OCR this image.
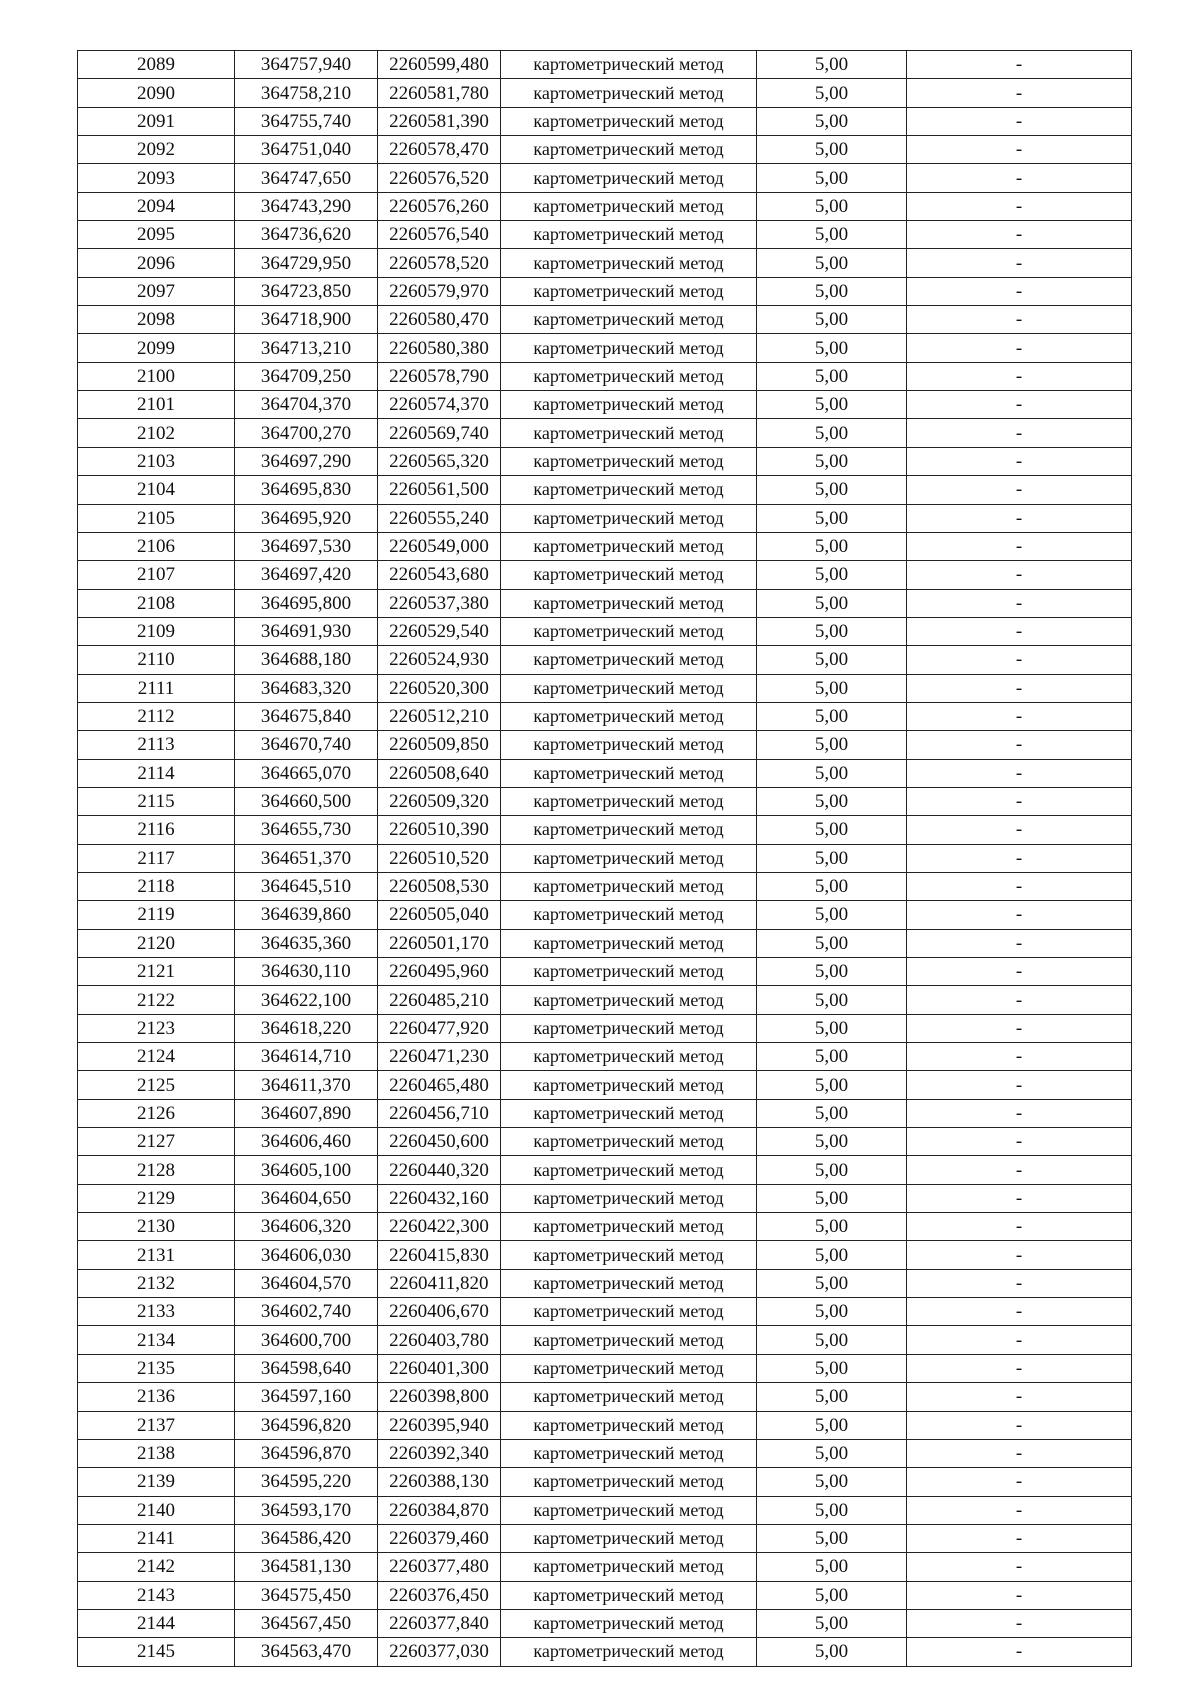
2089	364757,940	2260599,480	картометрический метод	5,00	-
2090	364758,210	2260581,780	картометрический метод	5,00	-
2091	364755,740	2260581,390	картометрический метод	5,00	-
2092	364751,040	2260578,470	картометрический метод	5,00	-
2093	364747,650	2260576,520	картометрический метод	5,00	-
2094	364743,290	2260576,260	картометрический метод	5,00	-
2095	364736,620	2260576,540	картометрический метод	5,00	-
2096	364729,950	2260578,520	картометрический метод	5,00	-
2097	364723,850	2260579,970	картометрический метод	5,00	-
2098	364718,900	2260580,470	картометрический метод	5,00	-
2099	364713,210	2260580,380	картометрический метод	5,00	-
2100	364709,250	2260578,790	картометрический метод	5,00	-
2101	364704,370	2260574,370	картометрический метод	5,00	-
2102	364700,270	2260569,740	картометрический метод	5,00	-
2103	364697,290	2260565,320	картометрический метод	5,00	-
2104	364695,830	2260561,500	картометрический метод	5,00	-
2105	364695,920	2260555,240	картометрический метод	5,00	-
2106	364697,530	2260549,000	картометрический метод	5,00	-
2107	364697,420	2260543,680	картометрический метод	5,00	-
2108	364695,800	2260537,380	картометрический метод	5,00	-
2109	364691,930	2260529,540	картометрический метод	5,00	-
2110	364688,180	2260524,930	картометрический метод	5,00	-
2111	364683,320	2260520,300	картометрический метод	5,00	-
2112	364675,840	2260512,210	картометрический метод	5,00	-
2113	364670,740	2260509,850	картометрический метод	5,00	-
2114	364665,070	2260508,640	картометрический метод	5,00	-
2115	364660,500	2260509,320	картометрический метод	5,00	-
2116	364655,730	2260510,390	картометрический метод	5,00	-
2117	364651,370	2260510,520	картометрический метод	5,00	-
2118	364645,510	2260508,530	картометрический метод	5,00	-
2119	364639,860	2260505,040	картометрический метод	5,00	-
2120	364635,360	2260501,170	картометрический метод	5,00	-
2121	364630,110	2260495,960	картометрический метод	5,00	-
2122	364622,100	2260485,210	картометрический метод	5,00	-
2123	364618,220	2260477,920	картометрический метод	5,00	-
2124	364614,710	2260471,230	картометрический метод	5,00	-
2125	364611,370	2260465,480	картометрический метод	5,00	-
2126	364607,890	2260456,710	картометрический метод	5,00	-
2127	364606,460	2260450,600	картометрический метод	5,00	-
2128	364605,100	2260440,320	картометрический метод	5,00	-
2129	364604,650	2260432,160	картометрический метод	5,00	-
2130	364606,320	2260422,300	картометрический метод	5,00	-
2131	364606,030	2260415,830	картометрический метод	5,00	-
2132	364604,570	2260411,820	картометрический метод	5,00	-
2133	364602,740	2260406,670	картометрический метод	5,00	-
2134	364600,700	2260403,780	картометрический метод	5,00	-
2135	364598,640	2260401,300	картометрический метод	5,00	-
2136	364597,160	2260398,800	картометрический метод	5,00	-
2137	364596,820	2260395,940	картометрический метод	5,00	-
2138	364596,870	2260392,340	картометрический метод	5,00	-
2139	364595,220	2260388,130	картометрический метод	5,00	-
2140	364593,170	2260384,870	картометрический метод	5,00	-
2141	364586,420	2260379,460	картометрический метод	5,00	-
2142	364581,130	2260377,480	картометрический метод	5,00	-
2143	364575,450	2260376,450	картометрический метод	5,00	-
2144	364567,450	2260377,840	картометрический метод	5,00	-
2145	364563,470	2260377,030	картометрический метод	5,00	-
